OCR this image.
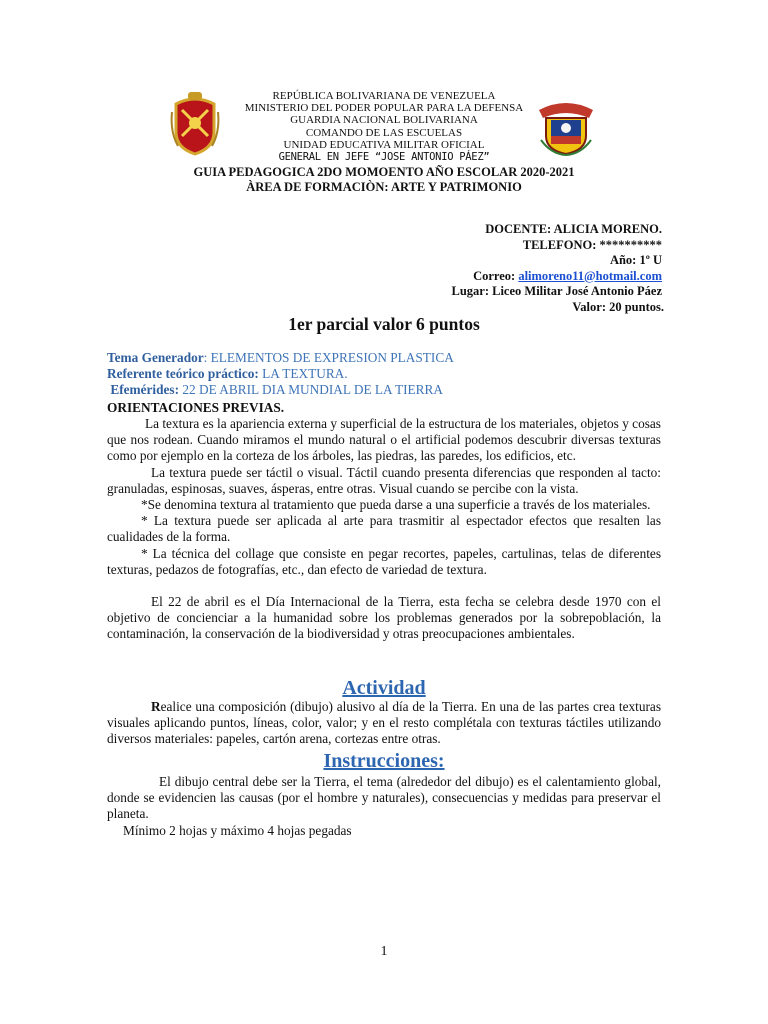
REPÚBLICA BOLIVARIANA DE VENEZUELA
MINISTERIO DEL PODER POPULAR PARA LA DEFENSA
GUARDIA NACIONAL BOLIVARIANA
COMANDO DE LAS ESCUELAS
UNIDAD EDUCATIVA MILITAR OFICIAL
GENERAL EN JEFE “JOSE ANTONIO PÁEZ”
GUIA PEDAGOGICA 2DO MOMOENTO AÑO ESCOLAR 2020-2021
ÀREA DE FORMACIÒN: ARTE Y PATRIMONIO
DOCENTE: ALICIA MORENO.
TELEFONO: **********
Año: 1º U
Correo: alimoreno11@hotmail.com
Lugar: Liceo Militar José Antonio Páez
Valor: 20 puntos.
1er parcial valor 6 puntos
Tema Generador: ELEMENTOS DE EXPRESION PLASTICA
Referente teórico práctico: LA TEXTURA.
Efemérides: 22 DE ABRIL DIA MUNDIAL DE LA TIERRA
ORIENTACIONES PREVIAS.
La textura es la apariencia externa y superficial de la estructura de los materiales, objetos y cosas que nos rodean. Cuando miramos el mundo natural o el artificial podemos descubrir diversas texturas como por ejemplo en la corteza de los árboles, las piedras, las paredes, los edificios, etc.
La textura puede ser táctil o visual. Táctil cuando presenta diferencias que responden al tacto: granuladas, espinosas, suaves, ásperas, entre otras. Visual cuando se percibe con la vista.
*Se denomina textura al tratamiento que pueda darse a una superficie a través de los materiales.
* La textura puede ser aplicada al arte para trasmitir al espectador efectos que resalten las cualidades de la forma.
* La técnica del collage que consiste en pegar recortes, papeles, cartulinas, telas de diferentes texturas, pedazos de fotografías, etc., dan efecto de variedad de textura.
El 22 de abril es el Día Internacional de la Tierra, esta fecha se celebra desde 1970 con el objetivo de concienciar a la humanidad sobre los problemas generados por la sobrepoblación, la contaminación, la conservación de la biodiversidad y otras preocupaciones ambientales.
Actividad
Realice una composición (dibujo) alusivo al día de la Tierra. En una de las partes crea texturas visuales aplicando puntos, líneas, color, valor; y en el resto complétala con texturas táctiles utilizando diversos materiales: papeles, cartón arena, cortezas entre otras.
Instrucciones:
El dibujo central debe ser la Tierra, el tema (alrededor del dibujo) es el calentamiento global, donde se evidencien las causas (por el hombre y naturales), consecuencias y medidas para preservar el planeta.
Mínimo 2 hojas y máximo 4 hojas pegadas
1
